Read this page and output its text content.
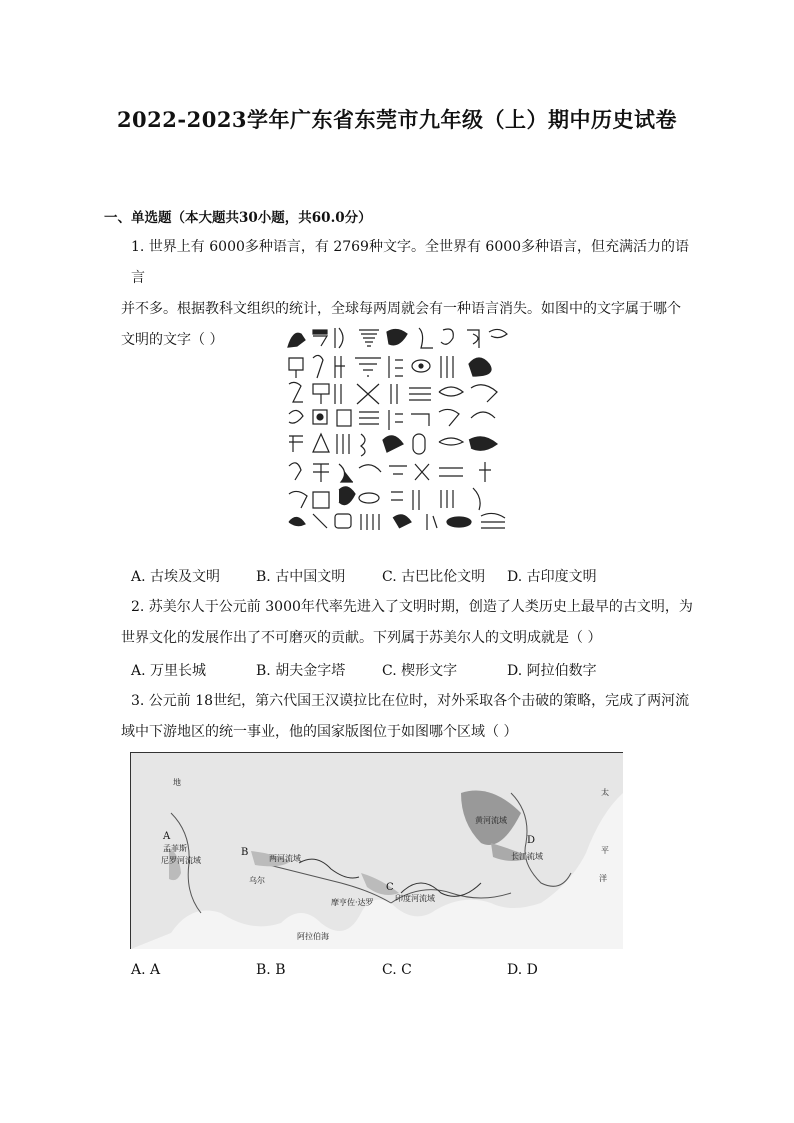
2022-2023学年广东省东莞市九年级（上）期中历史试卷
一、单选题（本大题共30小题，共60.0分）
1. 世界上有 6000多种语言，有 2769种文字。全世界有 6000多种语言，但充满活力的语言
并不多。根据教科文组织的统计，全球每两周就会有一种语言消失。如图中的文字属于哪个
文明的文字（ ）
A. 古埃及文明	B. 古中国文明	C. 古巴比伦文明 D. 古印度文明
2. 苏美尔人于公元前 3000年代率先进入了文明时期，创造了人类历史上最早的古文明，为
世界文化的发展作出了不可磨灭的贡献。下列属于苏美尔人的文明成就是（ ）
A. 万里长城	B. 胡夫金字塔	C. 楔形文字	D. 阿拉伯数字
3. 公元前 18世纪，第六代国王汉谟拉比在位时，对外采取各个击破的策略，完成了两河流
域中下游地区的统一事业，他的国家版图位于如图哪个区域（ ）
A
B
C
D
孟菲斯
尼罗河流域	两河流域
乌尔
摩亨佐·达罗	印度河流域
黄河流域
长江流域
阿拉伯海
地
太
平
洋
A. A	B. B	C. C	D. D
